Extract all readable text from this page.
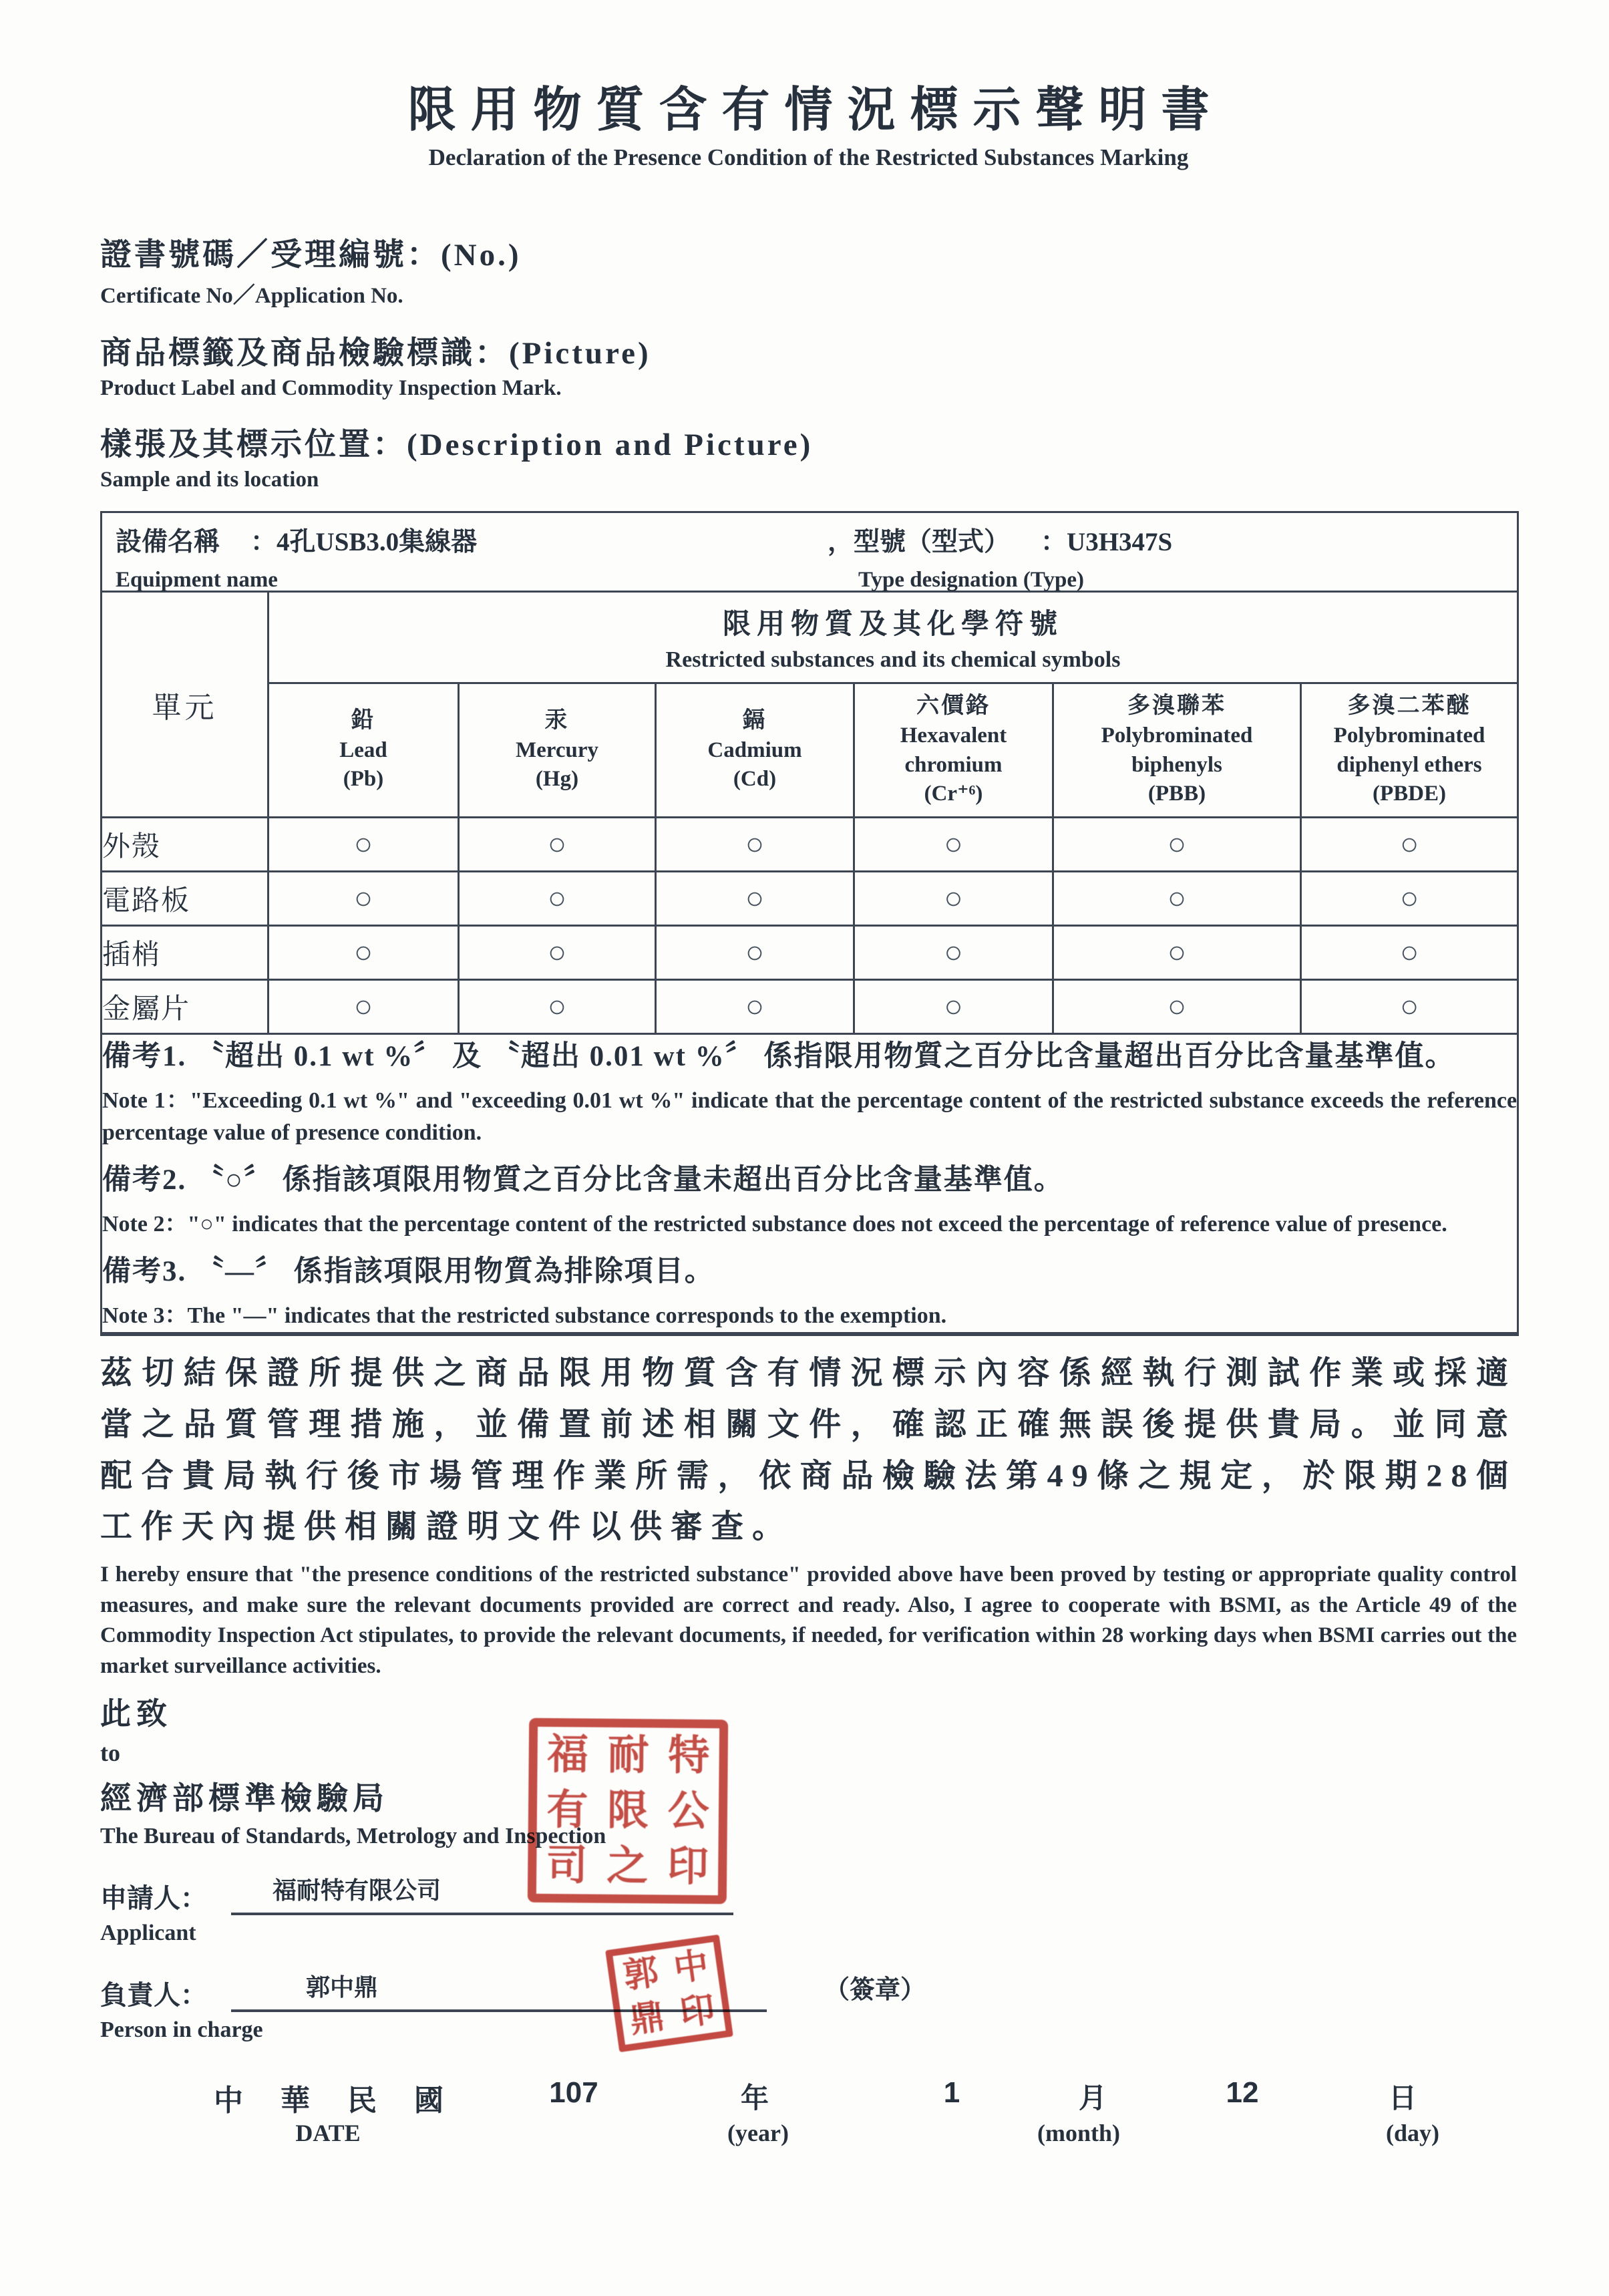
限用物質含有情況標示聲明書
Declaration of the Presence Condition of the Restricted Substances Marking
證書號碼／受理編號：(No.)
Certificate No／Application No.
商品標籤及商品檢驗標識：(Picture)
Product Label and Commodity Inspection Mark.
樣張及其標示位置：(Description and Picture)
Sample and its location
設備名稱 ：4孔USB3.0集線器
Equipment name
，型號（型式） ：U3H347S
Type designation (Type)						

單元	限用物質及其化學符號
Restricted substances and its chemical symbols					

	鉛
Lead
(Pb)	汞
Mercury
(Hg)	鎘
Cadmium
(Cd)	六價鉻
Hexavalent chromium
(Cr⁺⁶)	多溴聯苯
Polybrominated biphenyls
(PBB)	多溴二苯醚
Polybrominated diphenyl ethers
(PBDE)

外殼	○	○	○	○	○	○
電路板	○	○	○	○	○	○
插梢	○	○	○	○	○	○
金屬片	○	○	○	○	○	○

備考1. 〝超出 0.1 wt %〞 及 〝超出 0.01 wt %〞 係指限用物質之百分比含量超出百分比含量基準值。
Note 1："Exceeding 0.1 wt %" and "exceeding 0.01 wt %" indicate that the percentage content of the restricted substance exceeds the reference percentage value of presence condition.
備考2. 〝○〞 係指該項限用物質之百分比含量未超出百分比含量基準值。
Note 2："○" indicates that the percentage content of the restricted substance does not exceed the percentage of reference value of presence.
備考3. 〝—〞 係指該項限用物質為排除項目。
Note 3：The "—" indicates that the restricted substance corresponds to the exemption.

茲切結保證所提供之商品限用物質含有情況標示內容係經執行測試作業或採適當之品質管理措施，並備置前述相關文件，確認正確無誤後提供貴局。並同意配合貴局執行後市場管理作業所需，依商品檢驗法第49條之規定，於限期28個工作天內提供相關證明文件以供審查。

I hereby ensure that "the presence conditions of the restricted substance" provided above have been proved by testing or appropriate quality control measures, and make sure the relevant documents provided are correct and ready. Also, I agree to cooperate with BSMI, as the Article 49 of the Commodity Inspection Act stipulates, to provide the relevant documents, if needed, for verification within 28 working days when BSMI carries out the market surveillance activities.

此致
to
經濟部標準檢驗局
The Bureau of Standards, Metrology and Inspection
福 耐 特
有 限 公
司 之 印
申請人：	福耐特有限公司
Applicant
負責人：	郭中鼎	（簽章）
郭 中
鼎 印
Person in charge
中華民國
DATE
107	年
(year)
1	月
(month)
12	日
(day)
